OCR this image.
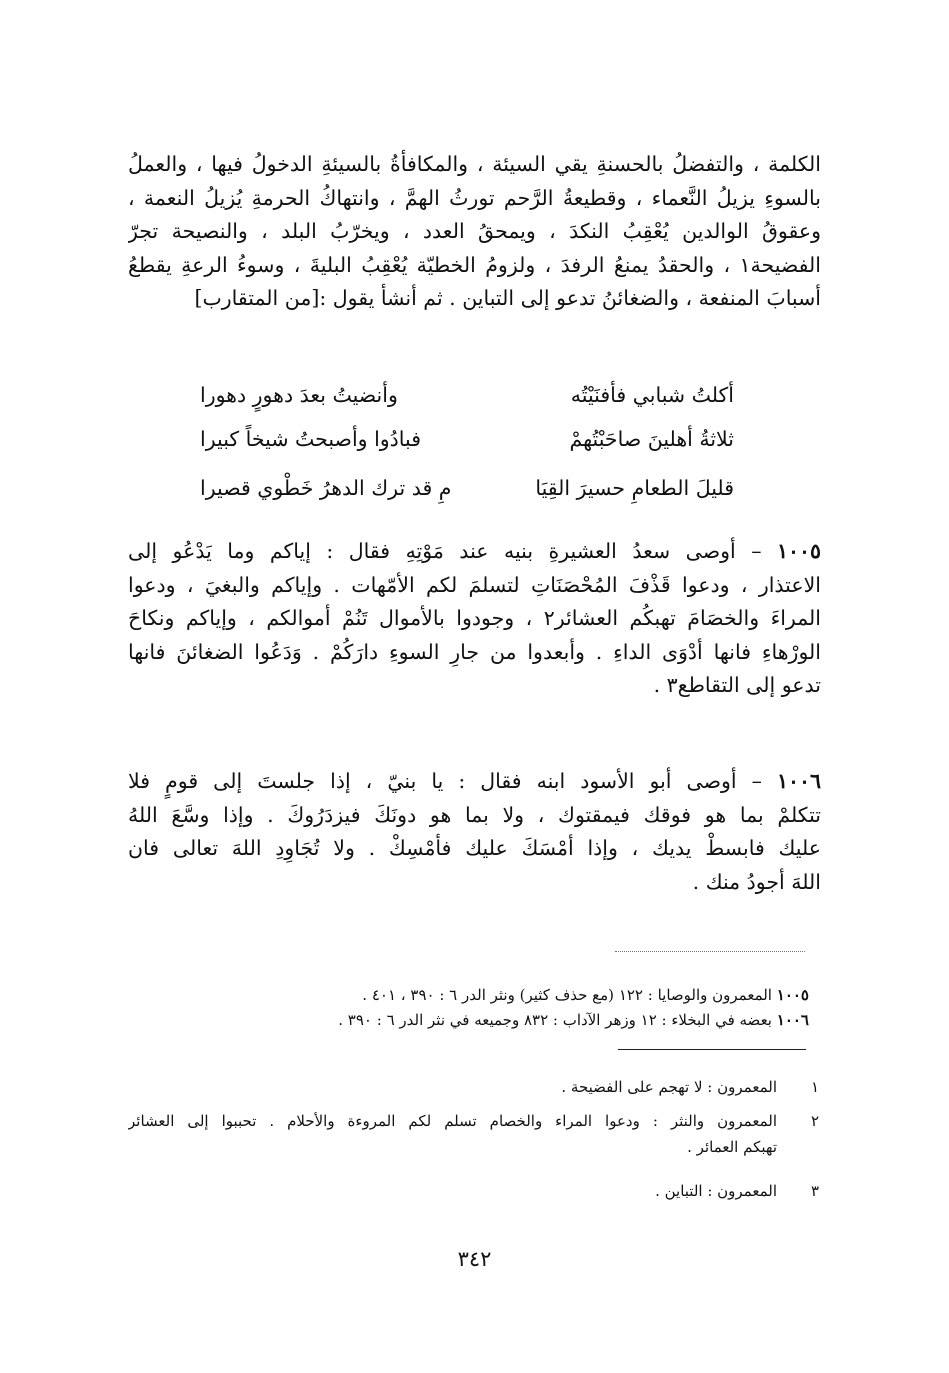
الكلمة ، والتفضلُ بالحسنةِ يقي السيئة ، والمكافأةُ بالسيئةِ الدخولُ فيها ، والعملُ
بالسوءِ يزيلُ النَّعماء ، وقطيعةُ الرَّحم تورثُ الهمَّ ، وانتهاكُ الحرمةِ يُزيلُ النعمة ،
وعقوقُ الوالدين يُعْقِبُ النكدَ ، ويمحقُ العدد ، ويخرّبُ البلد ، والنصيحة تجرّ
الفضيحة١ ، والحقدُ يمنعُ الرفدَ ، ولزومُ الخطيّة يُعْقِبُ البليةَ ، وسوءُ الرعةِ يقطعُ
أسبابَ المنفعة ، والضغائنُ تدعو إلى التباين . ثم أنشأ يقول :[من المتقارب]
أكلتُ شبابي فأفنَيْتُه
وأنضيتُ بعدَ دهورٍ دهورا
ثلاثةُ أهلينَ صاحَبْتُهمْ
فبادُوا وأصبحتُ شيخاً كبيرا
قليلَ الطعامِ حسيرَ القِيَا
مِ قد ترك الدهرُ خَطْوي قصيرا
١٠٠٥ – أوصى سعدُ العشيرةِ بنيه عند مَوْتِهِ فقال : إياكم وما يَدْعُو إلى
الاعتذار ، ودعوا قَذْفَ المُحْصَنَاتِ لتسلمَ لكم الأمّهات . وإياكم والبغيَ ، ودعوا
المراءَ والخصَامَ تهبكُم العشائر٢ ، وجودوا بالأموال تَنُمْ أموالكم ، وإياكم ونكاحَ
الورْهاءِ فانها أدْوَى الداءِ . وأبعدوا من جارِ السوءِ دارَكُمْ . وَدَعُوا الضغائنَ فانها
تدعو إلى التقاطع٣ .
١٠٠٦ – أوصى أبو الأسود ابنه فقال : يا بنيّ ، إذا جلستَ إلى قومٍ فلا
تتكلمْ بما هو فوقك فيمقتوك ، ولا بما هو دونَكَ فيزدَرُوكَ . وإذا وسَّعَ اللهُ
عليك فابسطْ يديك ، وإذا أمْسَكَ عليك فأمْسِكْ . ولا تُجَاوِدِ اللهَ تعالى فان
اللهَ أجودُ منك .
١٠٠٥ المعمرون والوصايا : ١٢٢ (مع حذف كثير) ونثر الدر ٦ : ٣٩٠ ، ٤٠١ .
١٠٠٦ بعضه في البخلاء : ١٢ وزهر الآداب : ٨٣٢ وجميعه في نثر الدر ٦ : ٣٩٠ .
١
المعمرون : لا تهجم على الفضيحة .
٢
المعمرون والنثر : ودعوا المراء والخصام تسلم لكم المروءة والأحلام . تحببوا إلى العشائر
تهبكم العمائر .
٣
المعمرون : التباين .
٣٤٢
